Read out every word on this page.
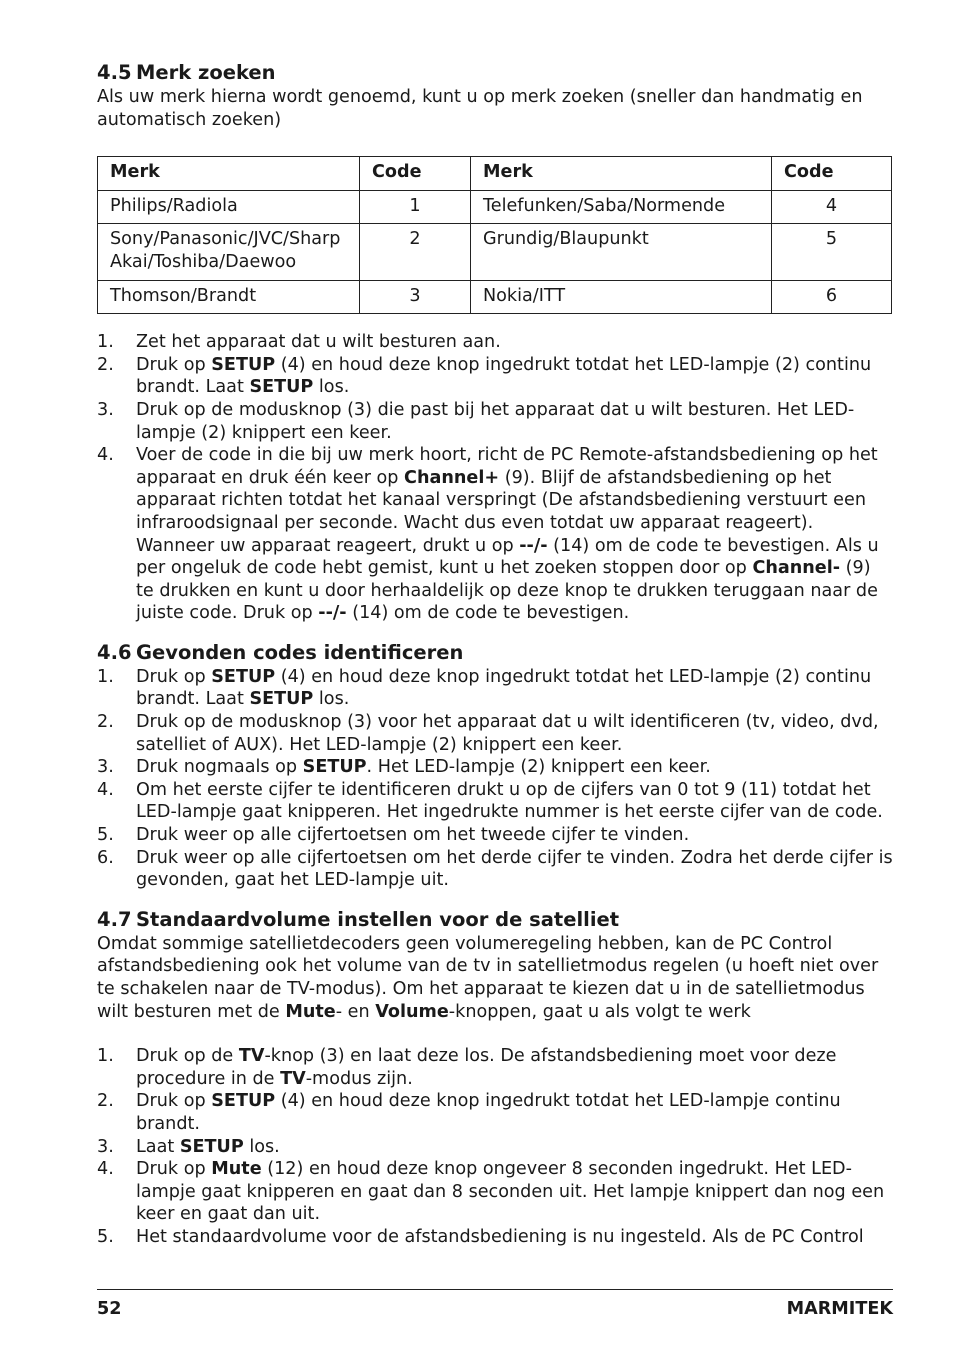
4.5 Merk zoeken

Als uw merk hierna wordt genoemd, kunt u op merk zoeken (sneller dan handmatig en automatisch zoeken)

Merk	Code	Merk	Code
Philips/Radiola	1	Telefunken/Saba/Normende	4
Sony/Panasonic/JVC/Sharp
Akai/Toshiba/Daewoo	2	Grundig/Blaupunkt	5
Thomson/Brandt	3	Nokia/ITT	6
1.	Zet het apparaat dat u wilt besturen aan.
2.	Druk op SETUP (4) en houd deze knop ingedrukt totdat het LED-lampje (2) continu brandt. Laat SETUP los.
3.	Druk op de modusknop (3) die past bij het apparaat dat u wilt besturen. Het LED-lampje (2) knippert een keer.
4.	Voer de code in die bij uw merk hoort, richt de PC Remote-afstandsbediening op het apparaat en druk één keer op Channel+ (9). Blijf de afstandsbediening op het apparaat richten totdat het kanaal verspringt (De afstandsbediening verstuurt een infraroodsignaal per seconde. Wacht dus even totdat uw apparaat reageert). Wanneer uw apparaat reageert, drukt u op --/- (14) om de code te bevestigen. Als u per ongeluk de code hebt gemist, kunt u het zoeken stoppen door op Channel- (9) te drukken en kunt u door herhaaldelijk op deze knop te drukken teruggaan naar de juiste code. Druk op --/- (14) om de code te bevestigen.
4.6 Gevonden codes identificeren
1.	Druk op SETUP (4) en houd deze knop ingedrukt totdat het LED-lampje (2) continu brandt. Laat SETUP los.
2.	Druk op de modusknop (3) voor het apparaat dat u wilt identificeren (tv, video, dvd, satelliet of AUX). Het LED-lampje (2) knippert een keer.
3.	Druk nogmaals op SETUP. Het LED-lampje (2) knippert een keer.
4.	Om het eerste cijfer te identificeren drukt u op de cijfers van 0 tot 9 (11) totdat het LED-lampje gaat knipperen. Het ingedrukte nummer is het eerste cijfer van de code.
5.	Druk weer op alle cijfertoetsen om het tweede cijfer te vinden.
6.	Druk weer op alle cijfertoetsen om het derde cijfer te vinden. Zodra het derde cijfer is gevonden, gaat het LED-lampje uit.
4.7 Standaardvolume instellen voor de satelliet

Omdat sommige satellietdecoders geen volumeregeling hebben, kan de PC Control afstandsbediening ook het volume van de tv in satellietmodus regelen (u hoeft niet over te schakelen naar de TV-modus). Om het apparaat te kiezen dat u in de satellietmodus wilt besturen met de Mute- en Volume-knoppen, gaat u als volgt te werk

1.	Druk op de TV-knop (3) en laat deze los. De afstandsbediening moet voor deze procedure in de TV-modus zijn.
2.	Druk op SETUP (4) en houd deze knop ingedrukt totdat het LED-lampje continu brandt.
3.	Laat SETUP los.
4.	Druk op Mute (12) en houd deze knop ongeveer 8 seconden ingedrukt. Het LED-lampje gaat knipperen en gaat dan 8 seconden uit. Het lampje knippert dan nog een keer en gaat dan uit.
5.	Het standaardvolume voor de afstandsbediening is nu ingesteld. Als de PC Control
52	MARMITEK
